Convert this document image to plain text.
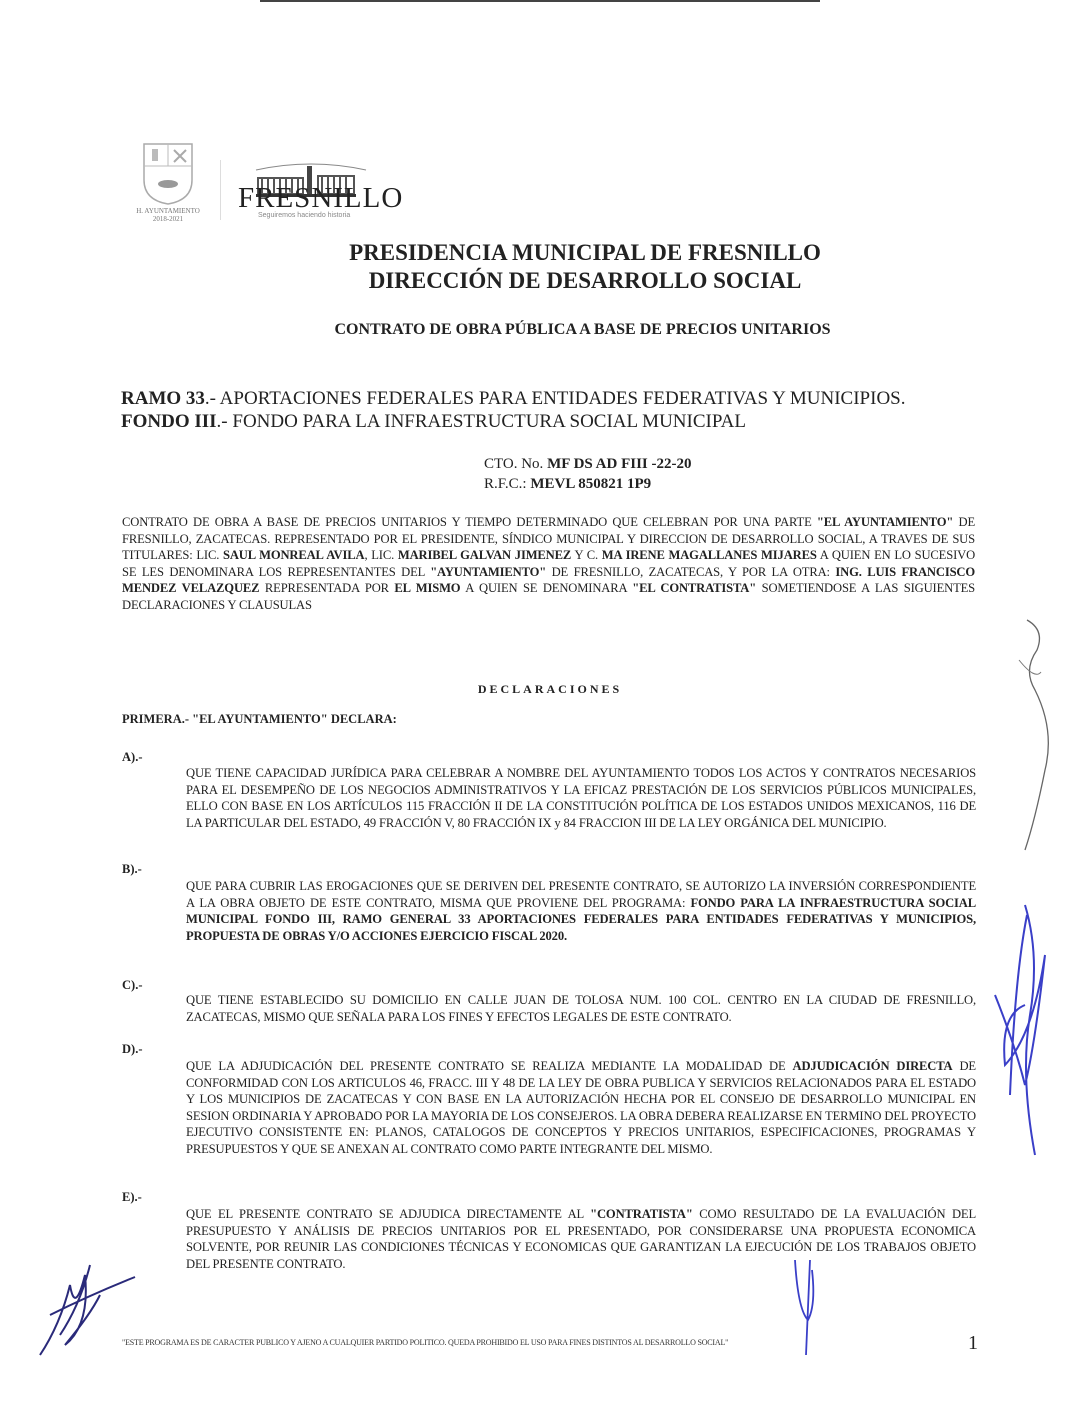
H. AYUNTAMIENTO 2018-2021
FRESNILLO
Seguiremos haciendo historia
PRESIDENCIA MUNICIPAL DE FRESNILLO
DIRECCIÓN DE DESARROLLO SOCIAL
CONTRATO DE OBRA PÚBLICA A BASE DE PRECIOS UNITARIOS
RAMO 33.- APORTACIONES FEDERALES PARA ENTIDADES FEDERATIVAS Y MUNICIPIOS.
FONDO III.- FONDO PARA LA INFRAESTRUCTURA SOCIAL MUNICIPAL
CTO. No. MF DS AD FIII -22-20
R.F.C.: MEVL 850821 1P9
CONTRATO DE OBRA A BASE DE PRECIOS UNITARIOS Y TIEMPO DETERMINADO QUE CELEBRAN POR UNA PARTE "EL AYUNTAMIENTO" DE FRESNILLO, ZACATECAS. REPRESENTADO POR EL PRESIDENTE, SÍNDICO MUNICIPAL Y DIRECCION DE DESARROLLO SOCIAL, A TRAVES DE SUS TITULARES: LIC. SAUL MONREAL AVILA, LIC. MARIBEL GALVAN JIMENEZ Y C. MA IRENE MAGALLANES MIJARES A QUIEN EN LO SUCESIVO SE LES DENOMINARA LOS REPRESENTANTES DEL "AYUNTAMIENTO" DE FRESNILLO, ZACATECAS, Y POR LA OTRA: ING. LUIS FRANCISCO MENDEZ VELAZQUEZ REPRESENTADA POR EL MISMO A QUIEN SE DENOMINARA "EL CONTRATISTA" SOMETIENDOSE A LAS SIGUIENTES DECLARACIONES Y CLAUSULAS
DECLARACIONES
PRIMERA.- "EL AYUNTAMIENTO" DECLARA:
A).-
QUE TIENE CAPACIDAD JURÍDICA PARA CELEBRAR A NOMBRE DEL AYUNTAMIENTO TODOS LOS ACTOS Y CONTRATOS NECESARIOS PARA EL DESEMPEÑO DE LOS NEGOCIOS ADMINISTRATIVOS Y LA EFICAZ PRESTACIÓN DE LOS SERVICIOS PÚBLICOS MUNICIPALES, ELLO CON BASE EN LOS ARTÍCULOS 115 FRACCIÓN II DE LA CONSTITUCIÓN POLÍTICA DE LOS ESTADOS UNIDOS MEXICANOS, 116 DE LA PARTICULAR DEL ESTADO, 49 FRACCIÓN V, 80 FRACCIÓN IX y 84 FRACCION III DE LA LEY ORGÁNICA DEL MUNICIPIO.
B).-
QUE PARA CUBRIR LAS EROGACIONES QUE SE DERIVEN DEL PRESENTE CONTRATO, SE AUTORIZO LA INVERSIÓN CORRESPONDIENTE A LA OBRA OBJETO DE ESTE CONTRATO, MISMA QUE PROVIENE DEL PROGRAMA: FONDO PARA LA INFRAESTRUCTURA SOCIAL MUNICIPAL FONDO III, RAMO GENERAL 33 APORTACIONES FEDERALES PARA ENTIDADES FEDERATIVAS Y MUNICIPIOS, PROPUESTA DE OBRAS Y/O ACCIONES EJERCICIO FISCAL 2020.
C).-
QUE TIENE ESTABLECIDO SU DOMICILIO EN CALLE JUAN DE TOLOSA NUM. 100 COL. CENTRO EN LA CIUDAD DE FRESNILLO, ZACATECAS, MISMO QUE SEÑALA PARA LOS FINES Y EFECTOS LEGALES DE ESTE CONTRATO.
D).-
QUE LA ADJUDICACIÓN DEL PRESENTE CONTRATO SE REALIZA MEDIANTE LA MODALIDAD DE ADJUDICACIÓN DIRECTA DE CONFORMIDAD CON LOS ARTICULOS 46, FRACC. III Y 48 DE LA LEY DE OBRA PUBLICA Y SERVICIOS RELACIONADOS PARA EL ESTADO Y LOS MUNICIPIOS DE ZACATECAS Y CON BASE EN LA AUTORIZACIÓN HECHA POR EL CONSEJO DE DESARROLLO MUNICIPAL EN SESION ORDINARIA Y APROBADO POR LA MAYORIA DE LOS CONSEJEROS. LA OBRA DEBERA REALIZARSE EN TERMINO DEL PROYECTO EJECUTIVO CONSISTENTE EN: PLANOS, CATALOGOS DE CONCEPTOS Y PRECIOS UNITARIOS, ESPECIFICACIONES, PROGRAMAS Y PRESUPUESTOS Y QUE SE ANEXAN AL CONTRATO COMO PARTE INTEGRANTE DEL MISMO.
E).-
QUE EL PRESENTE CONTRATO SE ADJUDICA DIRECTAMENTE AL "CONTRATISTA" COMO RESULTADO DE LA EVALUACIÓN DEL PRESUPUESTO Y ANÁLISIS DE PRECIOS UNITARIOS POR EL PRESENTADO, POR CONSIDERARSE UNA PROPUESTA ECONOMICA SOLVENTE, POR REUNIR LAS CONDICIONES TÉCNICAS Y ECONOMICAS QUE GARANTIZAN LA EJECUCIÓN DE LOS TRABAJOS OBJETO DEL PRESENTE CONTRATO.
"ESTE PROGRAMA ES DE CARACTER PUBLICO Y AJENO A CUALQUIER PARTIDO POLITICO. QUEDA PROHIBIDO EL USO PARA FINES DISTINTOS AL DESARROLLO SOCIAL"	1
